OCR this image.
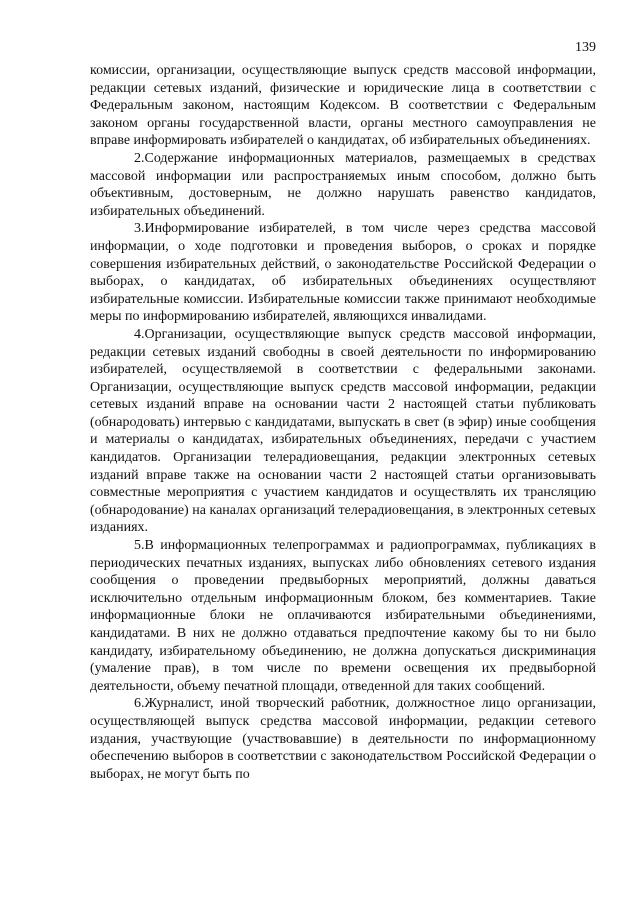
139

комиссии, организации, осуществляющие выпуск средств массовой информации, редакции сетевых изданий, физические и юридические лица в соответствии с Федеральным законом, настоящим Кодексом. В соответствии с Федеральным законом органы государственной власти, органы местного самоуправления не вправе информировать избирателей о кандидатах, об избирательных объединениях.

2.Содержание информационных материалов, размещаемых в средствах массовой информации или распространяемых иным способом, должно быть объективным, достоверным, не должно нарушать равенство кандидатов, избирательных объединений.

3.Информирование избирателей, в том числе через средства массовой информации, о ходе подготовки и проведения выборов, о сроках и порядке совершения избирательных действий, о законодательстве Российской Федерации о выборах, о кандидатах, об избирательных объединениях осуществляют избирательные комиссии. Избирательные комиссии также принимают необходимые меры по информированию избирателей, являющихся инвалидами.

4.Организации, осуществляющие выпуск средств массовой информации, редакции сетевых изданий свободны в своей деятельности по информированию избирателей, осуществляемой в соответствии с федеральными законами. Организации, осуществляющие выпуск средств массовой информации, редакции сетевых изданий вправе на основании части 2 настоящей статьи публиковать (обнародовать) интервью с кандидатами, выпускать в свет (в эфир) иные сообщения и материалы о кандидатах, избирательных объединениях, передачи с участием кандидатов. Организации телерадиовещания, редакции электронных сетевых изданий вправе также на основании части 2 настоящей статьи организовывать совместные мероприятия с участием кандидатов и осуществлять их трансляцию (обнародование) на каналах организаций телерадиовещания, в электронных сетевых изданиях.

5.В информационных телепрограммах и радиопрограммах, публикациях в периодических печатных изданиях, выпусках либо обновлениях сетевого издания сообщения о проведении предвыборных мероприятий, должны даваться исключительно отдельным информационным блоком, без комментариев. Такие информационные блоки не оплачиваются избирательными объединениями, кандидатами. В них не должно отдаваться предпочтение какому бы то ни было кандидату, избирательному объединению, не должна допускаться дискриминация (умаление прав), в том числе по времени освещения их предвыборной деятельности, объему печатной площади, отведенной для таких сообщений.

6.Журналист, иной творческий работник, должностное лицо организации, осуществляющей выпуск средства массовой информации, редакции сетевого издания, участвующие (участвовавшие) в деятельности по информационному обеспечению выборов в соответствии с законодательством Российской Федерации о выборах, не могут быть по
